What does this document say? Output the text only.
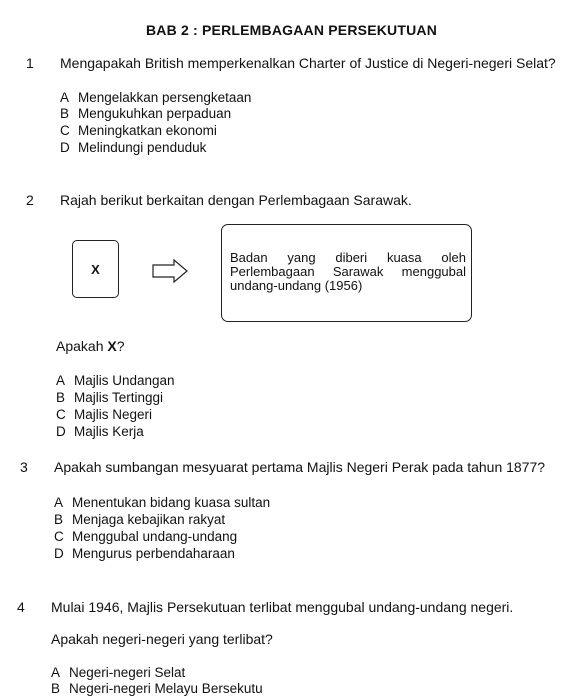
BAB 2 : PERLEMBAGAAN PERSEKUTUAN
1 Mengapakah British memperkenalkan Charter of Justice di Negeri-negeri Selat?
A Mengelakkan persengketaan
B Mengukuhkan perpaduan
C Meningkatkan ekonomi
D Melindungi penduduk
2 Rajah berikut berkaitan dengan Perlembagaan Sarawak.
X
Badan yang diberi kuasa oleh Perlembagaan Sarawak menggubal undang-undang (1956)
Apakah X?
A Majlis Undangan
B Majlis Tertinggi
C Majlis Negeri
D Majlis Kerja
3 Apakah sumbangan mesyuarat pertama Majlis Negeri Perak pada tahun 1877?
A Menentukan bidang kuasa sultan
B Menjaga kebajikan rakyat
C Menggubal undang-undang
D Mengurus perbendaharaan
4 Mulai 1946, Majlis Persekutuan terlibat menggubal undang-undang negeri.
Apakah negeri-negeri yang terlibat?
A Negeri-negeri Selat
B Negeri-negeri Melayu Bersekutu
